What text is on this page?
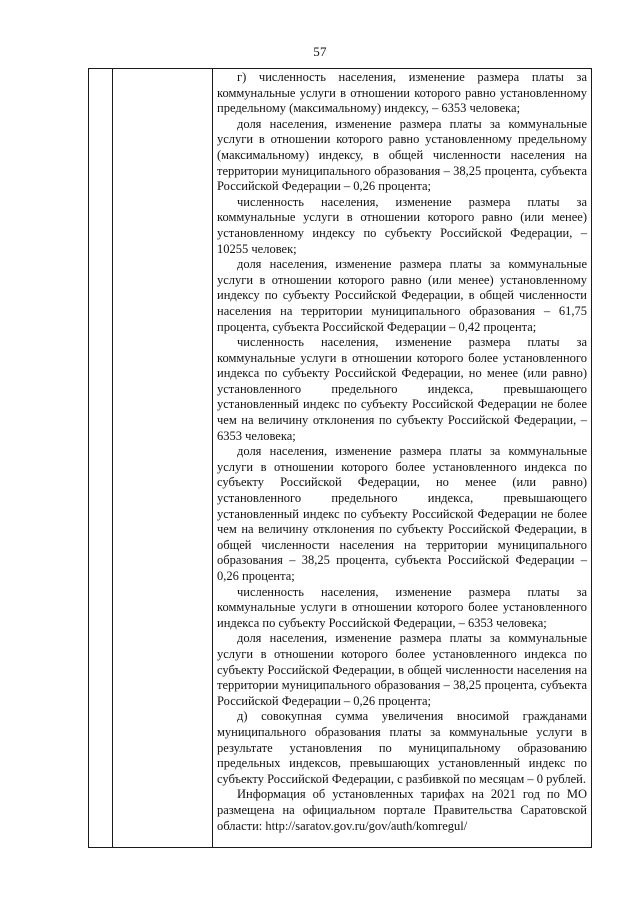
57

г) численность населения, изменение размера платы за коммунальные услуги в отношении которого равно установленному предельному (максимальному) индексу, – 6353 человека;

доля населения, изменение размера платы за коммунальные услуги в отношении которого равно установленному предельному (максимальному) индексу, в общей численности населения на территории муниципального образования – 38,25 процента, субъекта Российской Федерации – 0,26 процента;

численность населения, изменение размера платы за коммунальные услуги в отношении которого равно (или менее) установленному индексу по субъекту Российской Федерации, – 10255 человек;

доля населения, изменение размера платы за коммунальные услуги в отношении которого равно (или менее) установленному индексу по субъекту Российской Федерации, в общей численности населения на территории муниципального образования – 61,75 процента, субъекта Российской Федерации – 0,42 процента;

численность населения, изменение размера платы за коммунальные услуги в отношении которого более установленного индекса по субъекту Российской Федерации, но менее (или равно) установленного предельного индекса, превышающего установленный индекс по субъекту Российской Федерации не более чем на величину отклонения по субъекту Российской Федерации, – 6353 человека;

доля населения, изменение размера платы за коммунальные услуги в отношении которого более установленного индекса по субъекту Российской Федерации, но менее (или равно) установленного предельного индекса, превышающего установленный индекс по субъекту Российской Федерации не более чем на величину отклонения по субъекту Российской Федерации, в общей численности населения на территории муниципального образования – 38,25 процента, субъекта Российской Федерации – 0,26 процента;

численность населения, изменение размера платы за коммунальные услуги в отношении которого более установленного индекса по субъекту Российской Федерации, – 6353 человека;

доля населения, изменение размера платы за коммунальные услуги в отношении которого более установленного индекса по субъекту Российской Федерации, в общей численности населения на территории муниципального образования – 38,25 процента, субъекта Российской Федерации – 0,26 процента;

д) совокупная сумма увеличения вносимой гражданами муниципального образования платы за коммунальные услуги в результате установления по муниципальному образованию предельных индексов, превышающих установленный индекс по субъекту Российской Федерации, с разбивкой по месяцам – 0 рублей.

Информация об установленных тарифах на 2021 год по МО размещена на официальном портале Правительства Саратовской области: http://saratov.gov.ru/gov/auth/komregul/
